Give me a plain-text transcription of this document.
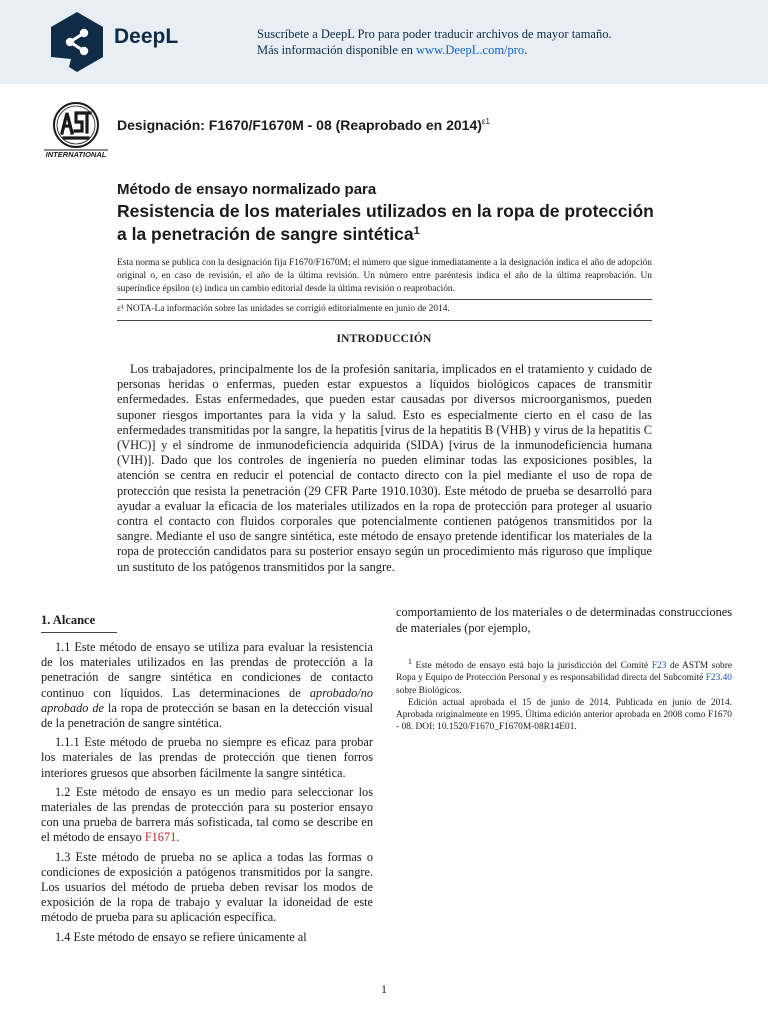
DeepL	Suscríbete a DeepL Pro para poder traducir archivos de mayor tamaño.
Más información disponible en www.DeepL.com/pro.
INTERNATIONAL
Designación: F1670/F1670M - 08 (Reaprobado en 2014)$^{\varepsilon 1}$
Método de ensayo normalizado para
Resistencia de los materiales utilizados en la ropa de protección
a la penetración de sangre sintética$^1$
Esta norma se publica con la designación fija F1670/F1670M; el número que sigue inmediatamente a la designación indica el año de adopción original o, en caso de revisión, el año de la última revisión. Un número entre paréntesis indica el año de la última reaprobación. Un superíndice épsilon (ε) indica un cambio editorial desde la última revisión o reaprobación.
ε¹ NOTA-La información sobre las unidades se corrigió editorialmente en junio de 2014.
INTRODUCCIÓN
Los trabajadores, principalmente los de la profesión sanitaria, implicados en el tratamiento y cuidado de personas heridas o enfermas, pueden estar expuestos a líquidos biológicos capaces de transmitir enfermedades. Estas enfermedades, que pueden estar causadas por diversos microorganismos, pueden suponer riesgos importantes para la vida y la salud. Esto es especialmente cierto en el caso de las enfermedades transmitidas por la sangre, la hepatitis [virus de la hepatitis B (VHB) y virus de la hepatitis C (VHC)] y el síndrome de inmunodeficiencia adquirida (SIDA) [virus de la inmunodeficiencia humana (VIH)]. Dado que los controles de ingeniería no pueden eliminar todas las exposiciones posibles, la atención se centra en reducir el potencial de contacto directo con la piel mediante el uso de ropa de protección que resista la penetración (29 CFR Parte 1910.1030). Este método de prueba se desarrolló para ayudar a evaluar la eficacia de los materiales utilizados en la ropa de protección para proteger al usuario contra el contacto con fluidos corporales que potencialmente contienen patógenos transmitidos por la sangre. Mediante el uso de sangre sintética, este método de ensayo pretende identificar los materiales de la ropa de protección candidatos para su posterior ensayo según un procedimiento más riguroso que implique un sustituto de los patógenos transmitidos por la sangre.
1. Alcance

1.1 Este método de ensayo se utiliza para evaluar la resistencia de los materiales utilizados en las prendas de protección a la penetración de sangre sintética en condiciones de contacto continuo con líquidos. Las determinaciones de aprobado/no aprobado de la ropa de protección se basan en la detección visual de la penetración de sangre sintética.

1.1.1 Este método de prueba no siempre es eficaz para probar los materiales de las prendas de protección que tienen forros interiores gruesos que absorben fácilmente la sangre sintética.

1.2 Este método de ensayo es un medio para seleccionar los materiales de las prendas de protección para su posterior ensayo con una prueba de barrera más sofisticada, tal como se describe en el método de ensayo F1671.

1.3 Este método de prueba no se aplica a todas las formas o condiciones de exposición a patógenos transmitidos por la sangre. Los usuarios del método de prueba deben revisar los modos de exposición de la ropa de trabajo y evaluar la idoneidad de este método de prueba para su aplicación específica.

1.4 Este método de ensayo se refiere únicamente al

comportamiento de los materiales o de determinadas construcciones de materiales (por ejemplo,

$^1$ Este método de ensayo está bajo la jurisdicción del Comité F23 de ASTM sobre Ropa y Equipo de Protección Personal y es responsabilidad directa del Subcomité F23.40 sobre Biológicos.

Edición actual aprobada el 15 de junio de 2014. Publicada en junio de 2014. Aprobada originalmente en 1995. Última edición anterior aprobada en 2008 como F1670 - 08. DOI: 10.1520/F1670_F1670M-08R14E01.

1
